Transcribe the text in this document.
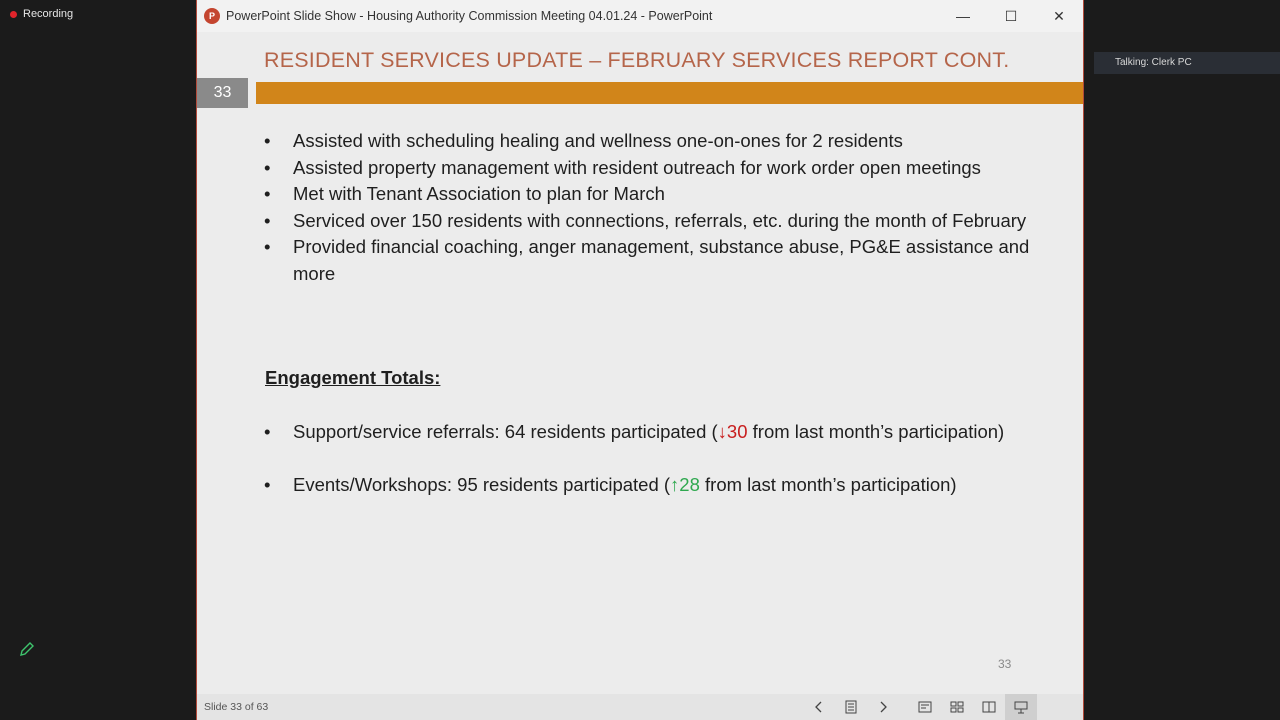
Recording
Talking: Clerk PC
P PowerPoint Slide Show - Housing Authority Commission Meeting 04.01.24 - PowerPoint	—	☐	✕
RESIDENT SERVICES UPDATE – FEBRUARY SERVICES REPORT CONT.
33
• Assisted with scheduling healing and wellness one-on-ones for 2 residents
• Assisted property management with resident outreach for work order open meetings
• Met with Tenant Association to plan for March
• Serviced over 150 residents with connections, referrals, etc. during the month of February
• Provided financial coaching, anger management, substance abuse, PG&E assistance and more
Engagement Totals:
• Support/service referrals: 64 residents participated (↓30 from last month’s participation)
• Events/Workshops: 95 residents participated (↑28 from last month’s participation)
33
Slide 33 of 63
